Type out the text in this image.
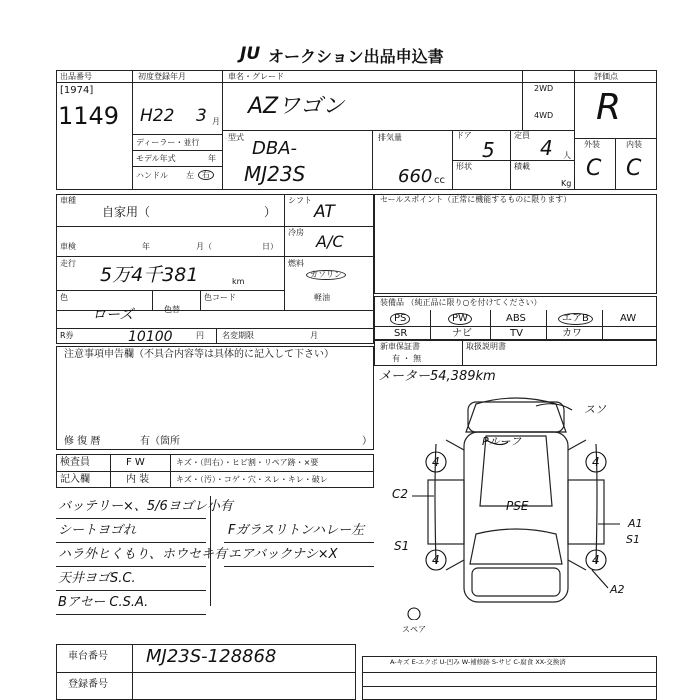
JU オークション出品申込書
出品番号
[1974]
1149
初度登録年月
H22 3 月
ディーラー・並行
モデル年式	年
ハンドル 左	右
車名・グレード
AZワゴン
2WD
4WD
型式
DBA-
MJ23S
排気量
660 cc
ドア
5
定員
4 人
形状	積載
Kg
評価点
R
外装	内装
C C
車種
自家用（	）
シフト
AT
冷房 A/C
車検	年	月（	日）
燃料
ガソリン
軽油
走行
5万4千381	km
色
ローズ	色替
色コード
R券	10100	円 名変期限	月
セールスポイント（正常に機能するものに限ります）
装備品 （純正品に限り○を付けてください）
PS	PW	ABS	エアB	AW
SR	ナビ	TV	カワ
新車保証書
有 ・ 無
取扱説明書
注意事項申告欄（不具合内容等は具体的に記入して下さい）
修 復 暦	有（箇所	）
検査員	F W	キズ・（凹右）・ヒビ割・リペア跡・×要
記入欄	内 装	キズ・（汚）・コゲ・穴・スレ・キレ・破レ
バッテリー×、5/6ヨゴレ小有
シートヨゴれ
ハラ外ヒくもり、ホウセキ有
天井ヨゴS.C.
Bアセー C.S.A.
Fガラスリトンハレー左
エアバックナシ×X
メーター54,389km
スソ
Pルーフ
PSE
C2
S1
A1
S1
A2
4	4
4	4
スペア
車台番号 MJ23S-128868
登録番号
A-キズ E-エクボ U-凹み W-補修跡 S-サビ C-腐食 XX-交換済
